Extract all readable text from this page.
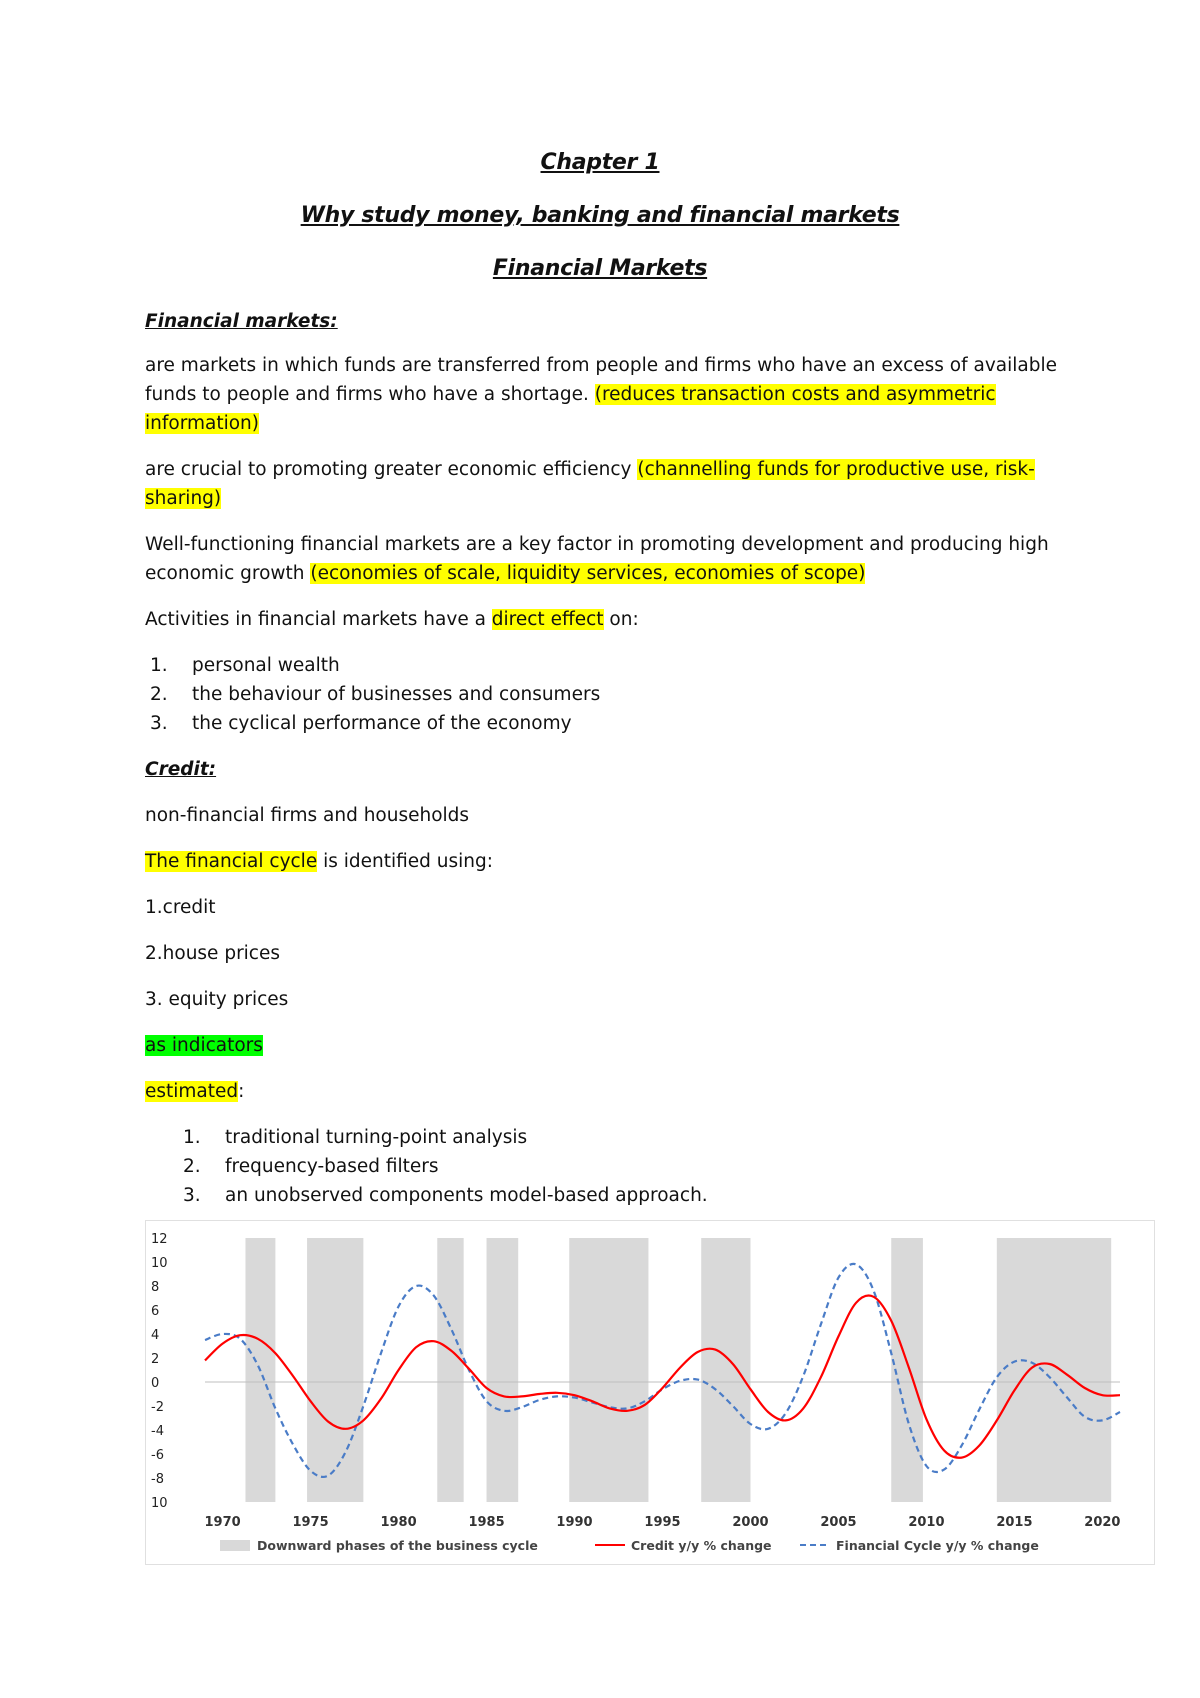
Chapter 1
Why study money, banking and financial markets
Financial Markets
Financial markets:
are markets in which funds are transferred from people and firms who have an excess of available
funds to people and firms who have a shortage. (reduces transaction costs and asymmetric
information)
are crucial to promoting greater economic efficiency (channelling funds for productive use, risk-
sharing)
Well-functioning financial markets are a key factor in promoting development and producing high
economic growth (economies of scale, liquidity services, economies of scope)
Activities in financial markets have a direct effect on:
1. personal wealth
2. the behaviour of businesses and consumers
3. the cyclical performance of the economy
Credit:
non-financial firms and households
The financial cycle is identified using:
1.credit
2.house prices
3. equity prices
as indicators
estimated:
1. traditional turning-point analysis
2. frequency-based filters
3. an unobserved components model-based approach.
12
10
8
6
4
2
0
-2
-4
-6
-8
10
1970	1975	1980	1985	1990	1995	2000	2005	2010	2015	2020
Downward phases of the business cycle	Credit y/y % change	Financial Cycle y/y % change
